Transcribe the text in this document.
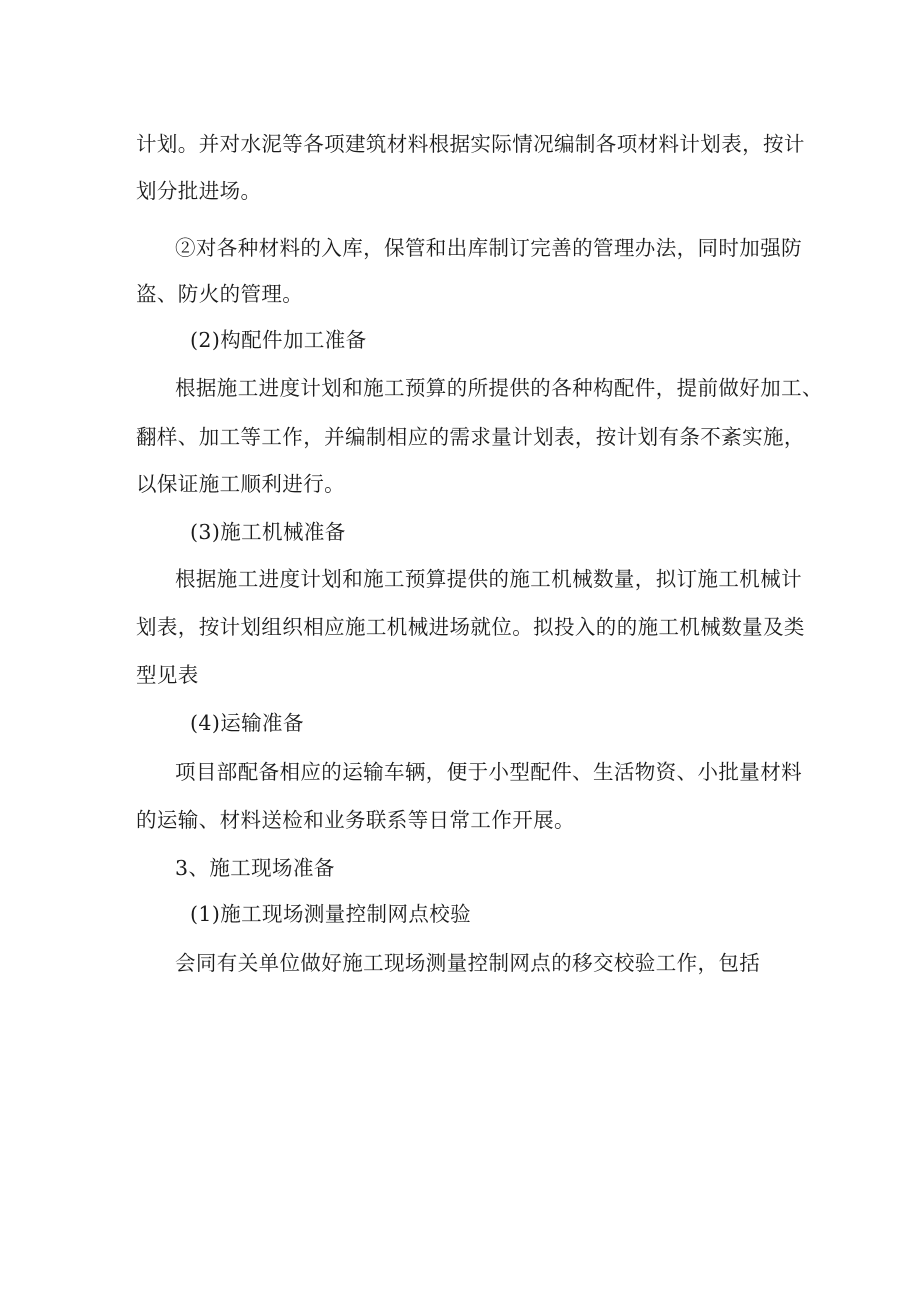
计划。并对水泥等各项建筑材料根据实际情况编制各项材料计划表，按计
划分批进场。
②对各种材料的入库，保管和出库制订完善的管理办法，同时加强防
盗、防火的管理。
(2)构配件加工准备
根据施工进度计划和施工预算的所提供的各种构配件，提前做好加工、
翻样、加工等工作，并编制相应的需求量计划表，按计划有条不紊实施，
以保证施工顺利进行。
(3)施工机械准备
根据施工进度计划和施工预算提供的施工机械数量，拟订施工机械计
划表，按计划组织相应施工机械进场就位。拟投入的的施工机械数量及类
型见表
(4)运输准备
项目部配备相应的运输车辆，便于小型配件、生活物资、小批量材料
的运输、材料送检和业务联系等日常工作开展。
3、施工现场准备
(1)施工现场测量控制网点校验
会同有关单位做好施工现场测量控制网点的移交校验工作，包括
